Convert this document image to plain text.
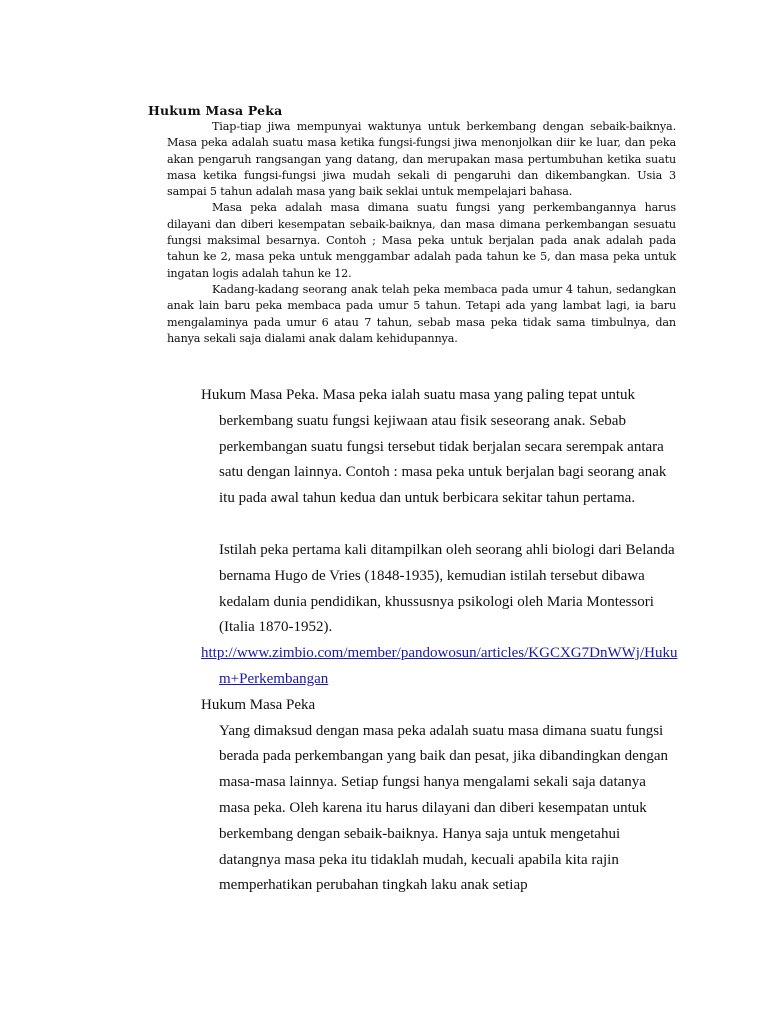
Hukum Masa Peka

Tiap-tiap jiwa mempunyai waktunya untuk berkembang dengan sebaik-baiknya. Masa peka adalah suatu masa ketika fungsi-fungsi jiwa menonjolkan diir ke luar, dan peka akan pengaruh rangsangan yang datang, dan merupakan masa pertumbuhan ketika suatu masa ketika fungsi-fungsi jiwa mudah sekali di pengaruhi dan dikembangkan. Usia 3 sampai 5 tahun adalah masa yang baik seklai untuk mempelajari bahasa.

Masa peka adalah masa dimana suatu fungsi yang perkembangannya harus dilayani dan diberi kesempatan sebaik-baiknya, dan masa dimana perkembangan sesuatu fungsi maksimal besarnya. Contoh ; Masa peka untuk berjalan pada anak adalah pada tahun ke 2, masa peka untuk menggambar adalah pada tahun ke 5, dan masa peka untuk ingatan logis adalah tahun ke 12.

Kadang-kadang seorang anak telah peka membaca pada umur 4 tahun, sedangkan anak lain baru peka membaca pada umur 5 tahun. Tetapi ada yang lambat lagi, ia baru mengalaminya pada umur 6 atau 7 tahun, sebab masa peka tidak sama timbulnya, dan hanya sekali saja dialami anak dalam kehidupannya.

Hukum Masa Peka. Masa peka ialah suatu masa yang paling tepat untuk berkembang suatu fungsi kejiwaan atau fisik seseorang anak. Sebab perkembangan suatu fungsi tersebut tidak berjalan secara serempak antara satu dengan lainnya. Contoh : masa peka untuk berjalan bagi seorang anak itu pada awal tahun kedua dan untuk berbicara sekitar tahun pertama.

Istilah peka pertama kali ditampilkan oleh seorang ahli biologi dari Belanda bernama Hugo de Vries (1848-1935), kemudian istilah tersebut dibawa kedalam dunia pendidikan, khussusnya psikologi oleh Maria Montessori (Italia 1870-1952).

http://www.zimbio.com/member/pandowosun/articles/KGCXG7DnWWj/Hukum+Perkembangan

Hukum Masa Peka

Yang dimaksud dengan masa peka adalah suatu masa dimana suatu fungsi berada pada perkembangan yang baik dan pesat, jika dibandingkan dengan masa-masa lainnya. Setiap fungsi hanya mengalami sekali saja datanya masa peka. Oleh karena itu harus dilayani dan diberi kesempatan untuk berkembang dengan sebaik-baiknya. Hanya saja untuk mengetahui datangnya masa peka itu tidaklah mudah, kecuali apabila kita rajin memperhatikan perubahan tingkah laku anak setiap
